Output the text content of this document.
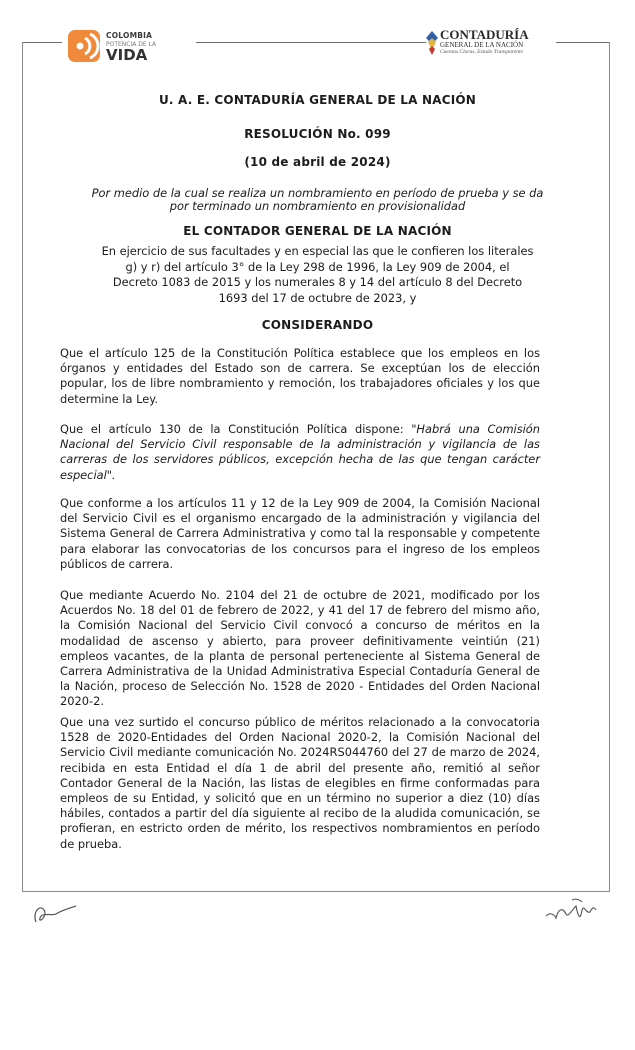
COLOMBIA
POTENCIA DE LA
VIDA
CONTADURÍA
GENERAL DE LA NACIÓN
Cuentas Claras, Estado Transparente
U. A. E. CONTADURÍA GENERAL DE LA NACIÓN
RESOLUCIÓN No. 099
(10 de abril de 2024)
Por medio de la cual se realiza un nombramiento en período de prueba y se da
por terminado un nombramiento en provisionalidad
EL CONTADOR GENERAL DE LA NACIÓN
En ejercicio de sus facultades y en especial las que le confieren los literales
g) y r) del artículo 3° de la Ley 298 de 1996, la Ley 909 de 2004, el
Decreto 1083 de 2015 y los numerales 8 y 14 del artículo 8 del Decreto
1693 del 17 de octubre de 2023, y
CONSIDERANDO
Que el artículo 125 de la Constitución Política establece que los empleos en los órganos y entidades del Estado son de carrera. Se exceptúan los de elección popular, los de libre nombramiento y remoción, los trabajadores oficiales y los que determine la Ley.
Que el artículo 130 de la Constitución Política dispone: "Habrá una Comisión Nacional del Servicio Civil responsable de la administración y vigilancia de las carreras de los servidores públicos, excepción hecha de las que tengan carácter especial".
Que conforme a los artículos 11 y 12 de la Ley 909 de 2004, la Comisión Nacional del Servicio Civil es el organismo encargado de la administración y vigilancia del Sistema General de Carrera Administrativa y como tal la responsable y competente para elaborar las convocatorias de los concursos para el ingreso de los empleos públicos de carrera.
Que mediante Acuerdo No. 2104 del 21 de octubre de 2021, modificado por los Acuerdos No. 18 del 01 de febrero de 2022, y 41 del 17 de febrero del mismo año, la Comisión Nacional del Servicio Civil convocó a concurso de méritos en la modalidad de ascenso y abierto, para proveer definitivamente veintiún (21) empleos vacantes, de la planta de personal perteneciente al Sistema General de Carrera Administrativa de la Unidad Administrativa Especial Contaduría General de la Nación, proceso de Selección No. 1528 de 2020 - Entidades del Orden Nacional 2020-2.
Que una vez surtido el concurso público de méritos relacionado a la convocatoria 1528 de 2020-Entidades del Orden Nacional 2020-2, la Comisión Nacional del Servicio Civil mediante comunicación No. 2024RS044760 del 27 de marzo de 2024, recibida en esta Entidad el día 1 de abril del presente año, remitió al señor Contador General de la Nación, las listas de elegibles en firme conformadas para empleos de su Entidad, y solicitó que en un término no superior a diez (10) días hábiles, contados a partir del día siguiente al recibo de la aludida comunicación, se profieran, en estricto orden de mérito, los respectivos nombramientos en período de prueba.
